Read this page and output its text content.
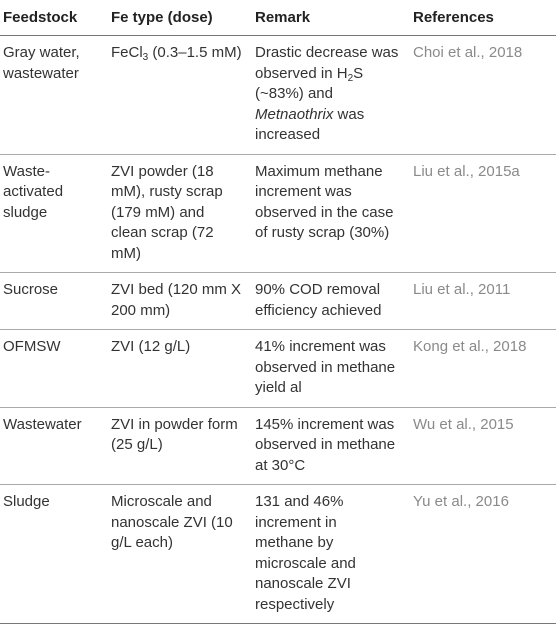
Feedstock	Fe type (dose)	Remark	References
Gray water, wastewater	FeCl$_3$ (0.3–1.5 mM)	Drastic decrease was observed in $H_2S$ (~83%) and Metnaothrix was increased	Choi et al., 2018
Waste-activated sludge	ZVI powder (18 mM), rusty scrap (179 mM) and clean scrap (72 mM)	Maximum methane increment was observed in the case of rusty scrap (30%)	Liu et al., 2015a
Sucrose	ZVI bed (120 mm X 200 mm)	90% COD removal efficiency achieved	Liu et al., 2011
OFMSW	ZVI (12 g/L)	41% increment was observed in methane yield al	Kong et al., 2018
Wastewater	ZVI in powder form (25 g/L)	145% increment was observed in methane at 30°C	Wu et al., 2015
Sludge	Microscale and nanoscale ZVI (10 g/L each)	131 and 46% increment in methane by microscale and nanoscale ZVI respectively	Yu et al., 2016
